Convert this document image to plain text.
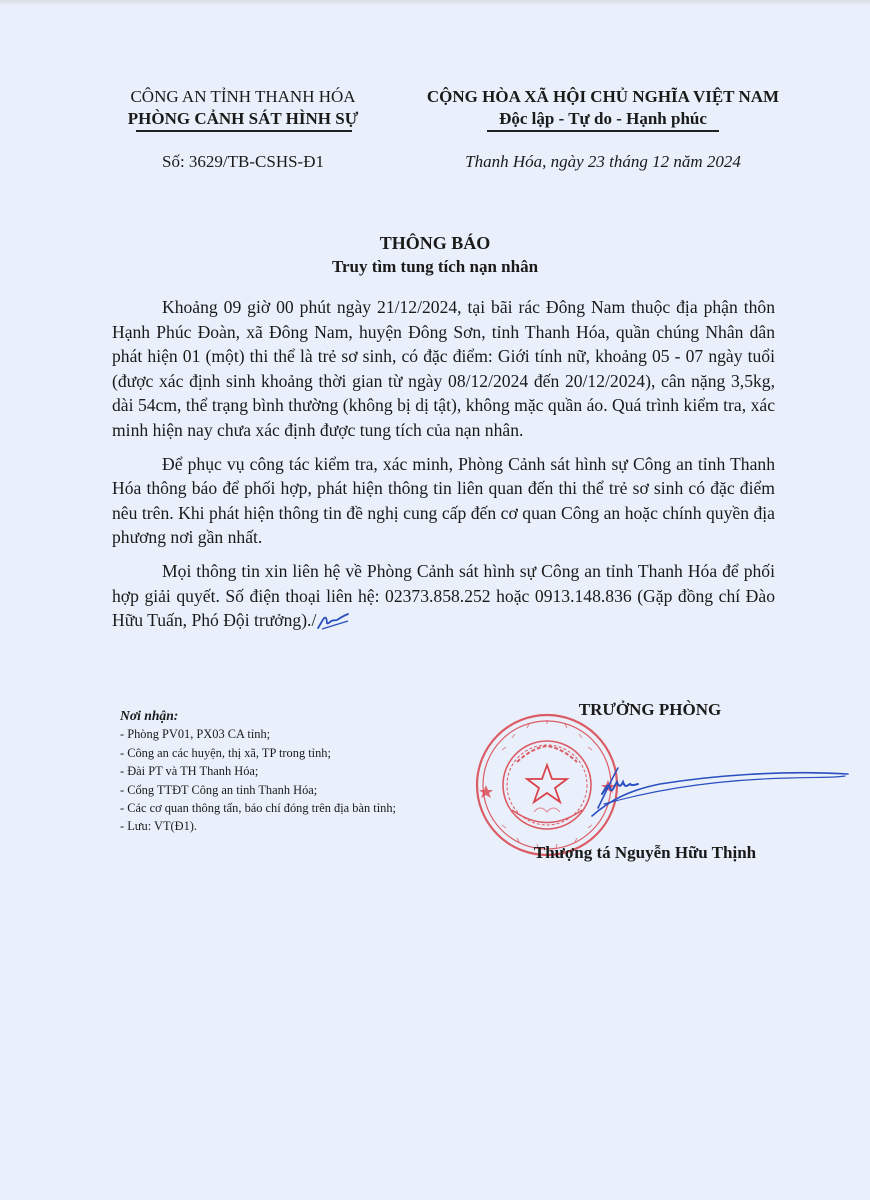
CÔNG AN TỈNH THANH HÓA
PHÒNG CẢNH SÁT HÌNH SỰ
CỘNG HÒA XÃ HỘI CHỦ NGHĨA VIỆT NAM
Độc lập - Tự do - Hạnh phúc
Số: 3629/TB-CSHS-Đ1	Thanh Hóa, ngày 23 tháng 12 năm 2024
THÔNG BÁO
Truy tìm tung tích nạn nhân

Khoảng 09 giờ 00 phút ngày 21/12/2024, tại bãi rác Đông Nam thuộc địa phận thôn Hạnh Phúc Đoàn, xã Đông Nam, huyện Đông Sơn, tỉnh Thanh Hóa, quần chúng Nhân dân phát hiện 01 (một) thi thể là trẻ sơ sinh, có đặc điểm: Giới tính nữ, khoảng 05 - 07 ngày tuổi (được xác định sinh khoảng thời gian từ ngày 08/12/2024 đến 20/12/2024), cân nặng 3,5kg, dài 54cm, thể trạng bình thường (không bị dị tật), không mặc quần áo. Quá trình kiểm tra, xác minh hiện nay chưa xác định được tung tích của nạn nhân.

Để phục vụ công tác kiểm tra, xác minh, Phòng Cảnh sát hình sự Công an tỉnh Thanh Hóa thông báo để phối hợp, phát hiện thông tin liên quan đến thi thể trẻ sơ sinh có đặc điểm nêu trên. Khi phát hiện thông tin đề nghị cung cấp đến cơ quan Công an hoặc chính quyền địa phương nơi gần nhất.

Mọi thông tin xin liên hệ về Phòng Cảnh sát hình sự Công an tỉnh Thanh Hóa để phối hợp giải quyết. Số điện thoại liên hệ: 02373.858.252 hoặc 0913.148.836 (Gặp đồng chí Đào Hữu Tuấn, Phó Đội trưởng)./

Nơi nhận:
- Phòng PV01, PX03 CA tỉnh;
- Công an các huyện, thị xã, TP trong tỉnh;
- Đài PT và TH Thanh Hóa;
- Cổng TTĐT Công an tỉnh Thanh Hóa;
- Các cơ quan thông tấn, báo chí đóng trên địa bàn tỉnh;
- Lưu: VT(Đ1).
TRƯỞNG PHÒNG
Thượng tá Nguyễn Hữu Thịnh
